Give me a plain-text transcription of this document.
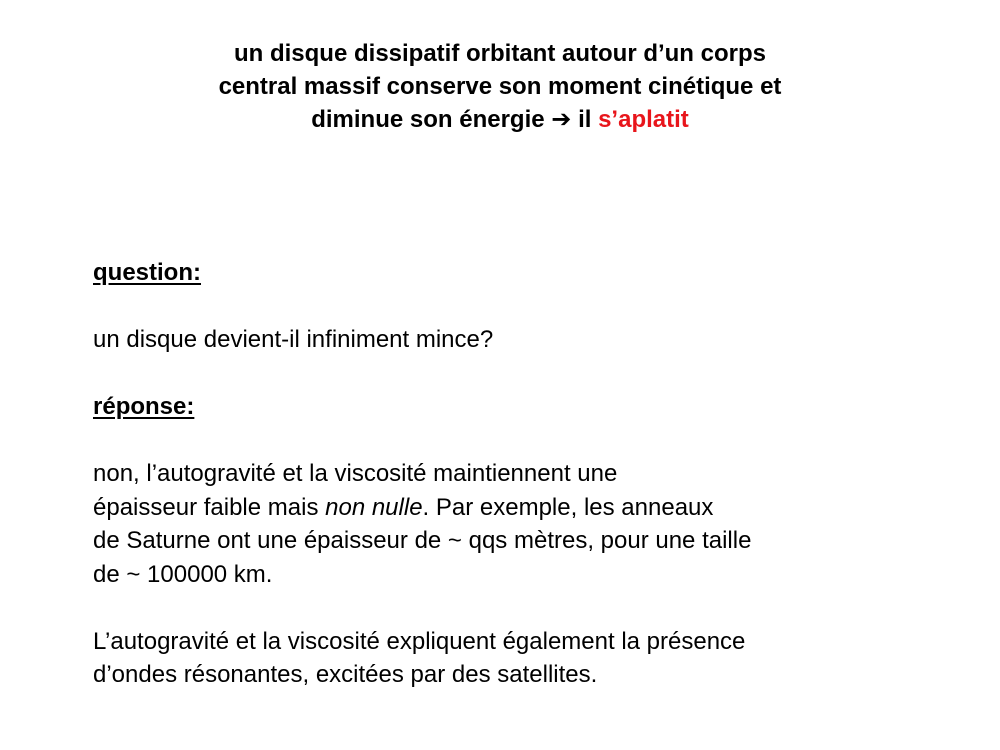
un disque dissipatif orbitant autour d’un corps
central massif conserve son moment cinétique et
diminue son énergie ➔ il s’aplatit
question:
un disque devient-il infiniment mince?
réponse:
non, l’autogravité et la viscosité maintiennent une
épaisseur faible mais non nulle. Par exemple, les anneaux
de Saturne ont une épaisseur de ~ qqs mètres, pour une taille
de ~ 100000 km.
L’autogravité et la viscosité expliquent également la présence
d’ondes résonantes, excitées par des satellites.
